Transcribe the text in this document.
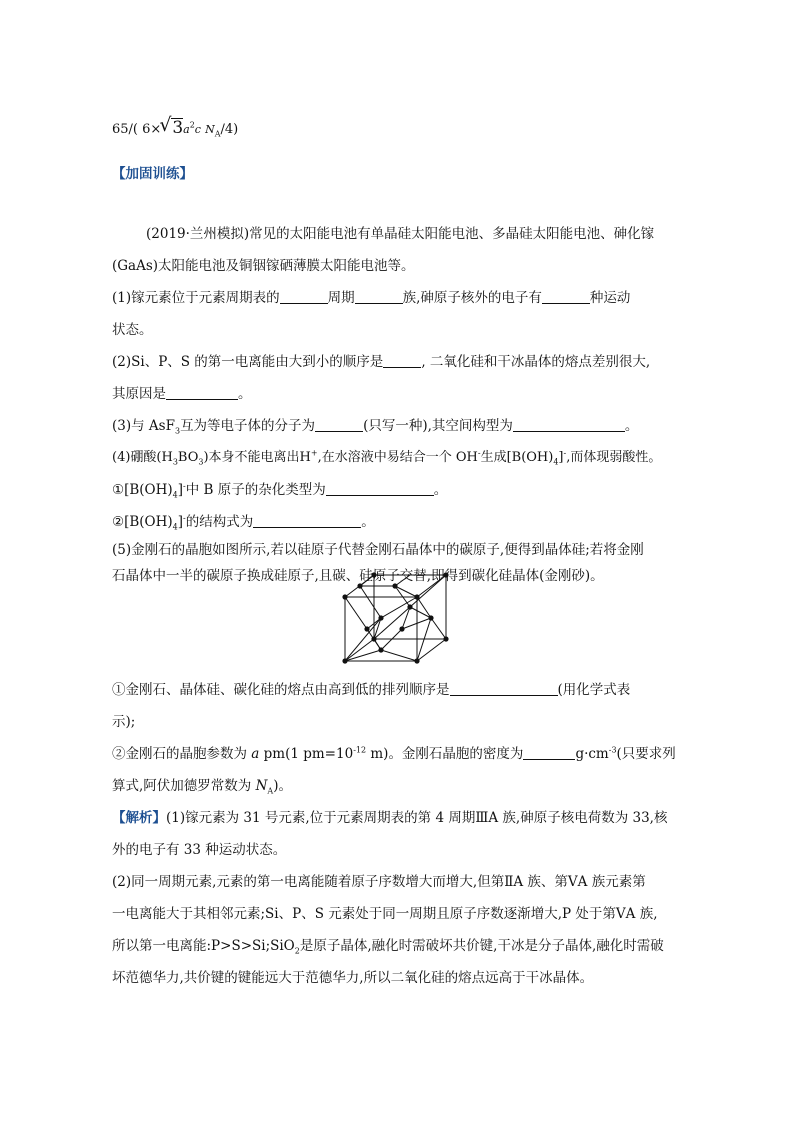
65/( 6×√ $3a^2c$ $N_A/4$)
【加固训练】
(2019·兰州模拟)常见的太阳能电池有单晶硅太阳能电池、多晶硅太阳能电池、砷化镓
(GaAs)太阳能电池及铜铟镓硒薄膜太阳能电池等。
(1)镓元素位于元素周期表的	周期	族,砷原子核外的电子有	种运动
状态。
(2)Si、P、S 的第一电离能由大到小的顺序是	, 二氧化硅和干冰晶体的熔点差别很大,
其原因是	。
(3)与 AsF$_3$互为等电子体的分子为	(只写一种),其空间构型为	。
(4)硼酸$(H_3BO_3)$本身不能电离出H+,在水溶液中易结合一个 OH-生成$[B(OH)_4]^-$,而体现弱酸性。
$①[B(OH)_4]^-$中 B 原子的杂化类型为	。
$②[B(OH)_4]^-$的结构式为	。
(5)金刚石的晶胞如图所示,若以硅原子代替金刚石晶体中的碳原子,便得到晶体硅;若将金刚
①金刚石、晶体硅、碳化硅的熔点由高到低的排列顺序是	(用化学式表
示);
②金刚石的晶胞参数为 a pm(1 $pm=10^{-12}$ m)。金刚石晶胞的密度为	$g\cdot cm^{-3}$(只要求列
算式,阿伏加德罗常数为 $N_A$)。
【解析】(1)镓元素为 31 号元素,位于元素周期表的第 4 周期ⅢA 族,砷原子核电荷数为 33,核
外的电子有 33 种运动状态。
(2)同一周期元素,元素的第一电离能随着原子序数增大而增大,但第ⅡA 族、第ⅤA 族元素第
一电离能大于其相邻元素;Si、P、S 元素处于同一周期且原子序数逐渐增大,P 处于第ⅤA 族,
所以第一电离能:P>S>Si;SiO$_2$是原子晶体,融化时需破坏共价键,干冰是分子晶体,融化时需破
坏范德华力,共价键的键能远大于范德华力,所以二氧化硅的熔点远高于干冰晶体。
石晶体中一半的碳原子换成硅原子,且碳、硅原子交替,即得到碳化硅晶体(金刚砂)。
